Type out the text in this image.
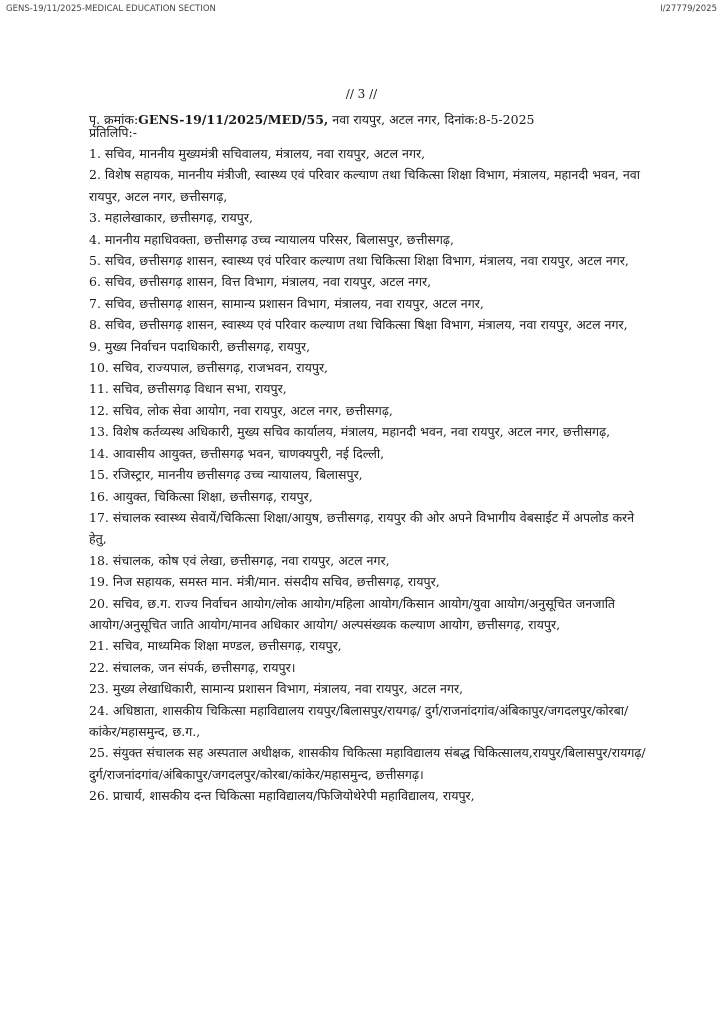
GENS-19/11/2025-MEDICAL EDUCATION SECTION	I/27779/2025
// 3 //
पृ. क्रमांक:GENS-19/11/2025/MED/55, नवा रायपुर, अटल नगर, दिनांक:8-5-2025
प्रतिलिपि:-
1. सचिव, माननीय मुख्यमंत्री सचिवालय, मंत्रालय, नवा रायपुर, अटल नगर,
2. विशेष सहायक, माननीय मंत्रीजी, स्वास्थ्य एवं परिवार कल्याण तथा चिकित्सा शिक्षा विभाग, मंत्रालय, महानदी भवन, नवा रायपुर, अटल नगर, छत्तीसगढ़,
3. महालेखाकार, छत्तीसगढ़, रायपुर,
4. माननीय महाधिवक्ता, छत्तीसगढ़ उच्च न्यायालय परिसर, बिलासपुर, छत्तीसगढ़,
5. सचिव, छत्तीसगढ़ शासन, स्वास्थ्य एवं परिवार कल्याण तथा चिकित्सा शिक्षा विभाग, मंत्रालय, नवा रायपुर, अटल नगर,
6. सचिव, छत्तीसगढ़ शासन, वित्त विभाग, मंत्रालय, नवा रायपुर, अटल नगर,
7. सचिव, छत्तीसगढ़ शासन, सामान्य प्रशासन विभाग, मंत्रालय, नवा रायपुर, अटल नगर,
8. सचिव, छत्तीसगढ़ शासन, स्वास्थ्य एवं परिवार कल्याण तथा चिकित्सा षिक्षा विभाग, मंत्रालय, नवा रायपुर, अटल नगर,
9. मुख्य निर्वाचन पदाधिकारी, छत्तीसगढ़, रायपुर,
10. सचिव, राज्यपाल, छत्तीसगढ़, राजभवन, रायपुर,
11. सचिव, छत्तीसगढ़ विधान सभा, रायपुर,
12. सचिव, लोक सेवा आयोग, नवा रायपुर, अटल नगर, छत्तीसगढ़,
13. विशेष कर्तव्यस्थ अधिकारी, मुख्य सचिव कार्यालय, मंत्रालय, महानदी भवन, नवा रायपुर, अटल नगर, छत्तीसगढ़,
14. आवासीय आयुक्त, छत्तीसगढ़ भवन, चाणक्यपुरी, नई दिल्ली,
15. रजिस्ट्रार, माननीय छत्तीसगढ़ उच्च न्यायालय, बिलासपुर,
16. आयुक्त, चिकित्सा शिक्षा, छत्तीसगढ़, रायपुर,
17. संचालक स्वास्थ्य सेवायें/चिकित्सा शिक्षा/आयुष, छत्तीसगढ़, रायपुर की ओर अपने विभागीय वेबसाईट में अपलोड करने हेतु,
18. संचालक, कोष एवं लेखा, छत्तीसगढ़, नवा रायपुर, अटल नगर,
19. निज सहायक, समस्त मान. मंत्री/मान. संसदीय सचिव, छत्तीसगढ़, रायपुर,
20. सचिव, छ.ग. राज्य निर्वाचन आयोग/लोक आयोग/महिला आयोग/किसान आयोग/युवा आयोग/अनुसूचित जनजाति आयोग/अनुसूचित जाति आयोग/मानव अधिकार आयोग/ अल्पसंख्यक कल्याण आयोग, छत्तीसगढ़, रायपुर,
21. सचिव, माध्यमिक शिक्षा मण्डल, छत्तीसगढ़, रायपुर,
22. संचालक, जन संपर्क, छत्तीसगढ़, रायपुर।
23. मुख्य लेखाधिकारी, सामान्य प्रशासन विभाग, मंत्रालय, नवा रायपुर, अटल नगर,
24. अधिष्ठाता, शासकीय चिकित्सा महाविद्यालय रायपुर/बिलासपुर/रायगढ़/ दुर्ग/राजनांदगांव/अंबिकापुर/जगदलपुर/कोरबा/कांकेर/महासमुन्द, छ.ग.,
25. संयुक्त संचालक सह अस्पताल अधीक्षक, शासकीय चिकित्सा महाविद्यालय संबद्ध चिकित्सालय,रायपुर/बिलासपुर/रायगढ़/दुर्ग/राजनांदगांव/अंबिकापुर/जगदलपुर/कोरबा/कांकेर/महासमुन्द, छत्तीसगढ़।
26. प्राचार्य, शासकीय दन्त चिकित्सा महाविद्यालय/फिजियोथेरेपी महाविद्यालय, रायपुर,
